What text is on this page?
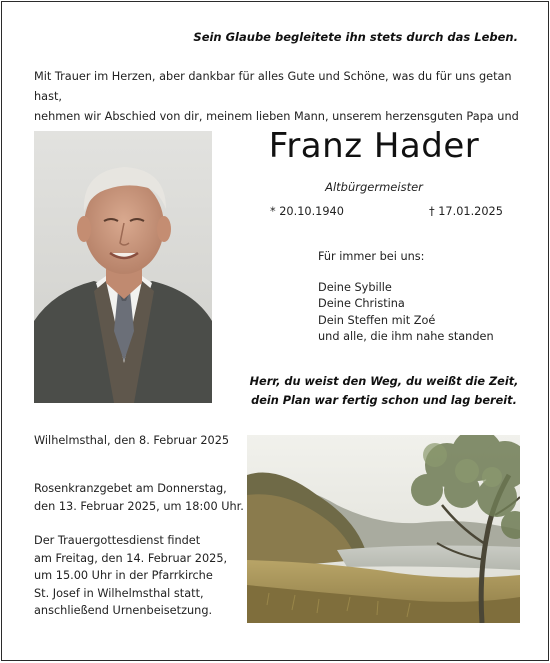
Sein Glaube begleitete ihn stets durch das Leben.
Mit Trauer im Herzen, aber dankbar für alles Gute und Schöne, was du für uns getan hast,
nehmen wir Abschied von dir, meinem lieben Mann, unserem herzensguten Papa und
Franz Hader
Altbürgermeister
* 20.10.1940	† 17.01.2025
Für immer bei uns:
Deine Sybille
Deine Christina
Dein Steffen mit Zoé
und alle, die ihm nahe standen
Herr, du weist den Weg, du weißt die Zeit,
dein Plan war fertig schon und lag bereit.
Wilhelmsthal, den 8. Februar 2025

Rosenkranzgebet am Donnerstag,
den 13. Februar 2025, um 18:00 Uhr.

Der Trauergottesdienst findet
am Freitag, den 14. Februar 2025,
um 15.00 Uhr in der Pfarrkirche
St. Josef in Wilhelmsthal statt,
anschließend Urnenbeisetzung.
